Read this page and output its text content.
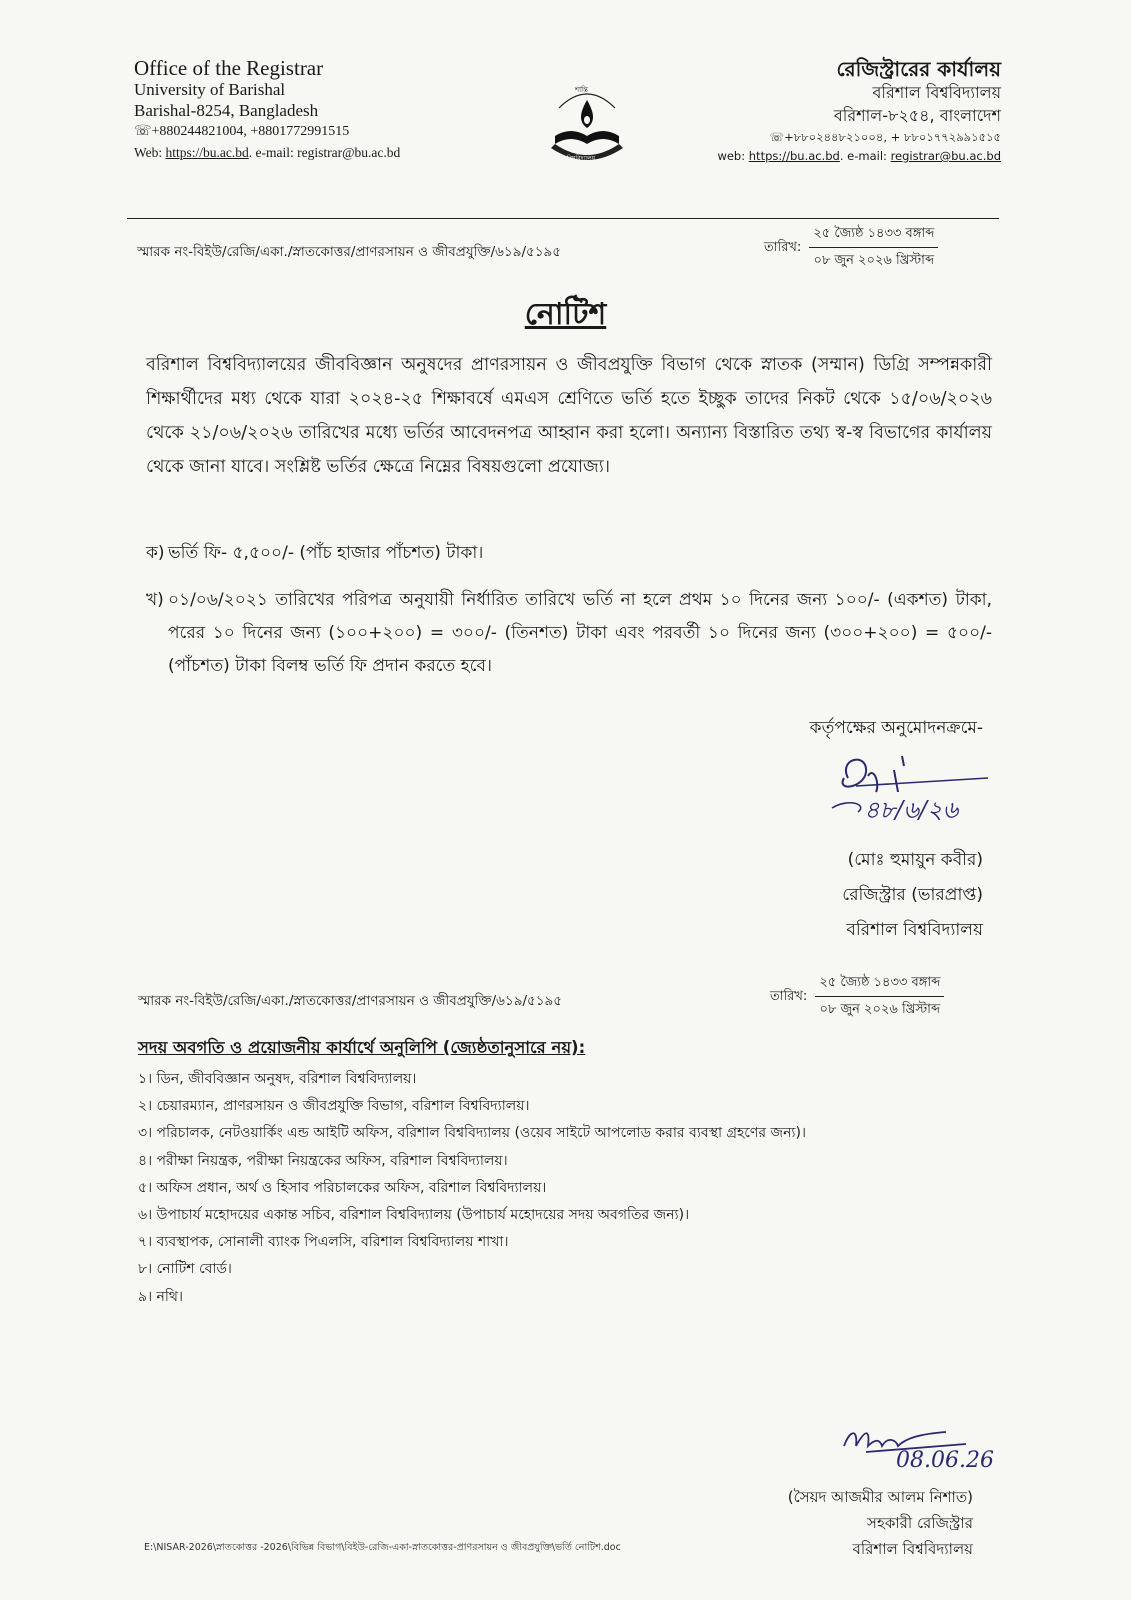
Office of the Registrar
University of Barishal
Barishal-8254, Bangladesh
☏+880244821004, +8801772991515
Web: https://bu.ac.bd. e-mail: registrar@bu.ac.bd
শান্তি
বিশ্ববিদ্যালয়
রেজিস্ট্রারের কার্যালয়
বরিশাল বিশ্ববিদ্যালয়
বরিশাল-৮২৫৪, বাংলাদেশ
☏+৮৮০২৪৪৮২১০০৪, + ৮৮০১৭৭২৯৯১৫১৫
web: https://bu.ac.bd. e-mail: registrar@bu.ac.bd
স্মারক নং-বিইউ/রেজি/একা./স্নাতকোত্তর/প্রাণরসায়ন ও জীবপ্রযুক্তি/৬১৯/৫১৯৫	তারিখ: $\frac{\text{২৫ জ্যৈষ্ঠ ১৪৩৩ বঙ্গাব্দ}}{\text{০৮ জুন ২০২৬ খ্রিস্টাব্দ}}$
নোটিশ
বরিশাল বিশ্ববিদ্যালয়ের জীববিজ্ঞান অনুষদের প্রাণরসায়ন ও জীবপ্রযুক্তি বিভাগ থেকে স্নাতক (সম্মান) ডিগ্রি সম্পন্নকারী শিক্ষার্থীদের মধ্য থেকে যারা ২০২৪-২৫ শিক্ষাবর্ষে এমএস শ্রেণিতে ভর্তি হতে ইচ্ছুক তাদের নিকট থেকে ১৫/০৬/২০২৬ থেকে ২১/০৬/২০২৬ তারিখের মধ্যে ভর্তির আবেদনপত্র আহ্বান করা হলো। অন্যান্য বিস্তারিত তথ্য স্ব-স্ব বিভাগের কার্যালয় থেকে জানা যাবে। সংশ্লিষ্ট ভর্তির ক্ষেত্রে নিম্নের বিষয়গুলো প্রযোজ্য।
ক) ভর্তি ফি- ৫,৫০০/- (পাঁচ হাজার পাঁচশত) টাকা।
খ) ০১/০৬/২০২১ তারিখের পরিপত্র অনুযায়ী নির্ধারিত তারিখে ভর্তি না হলে প্রথম ১০ দিনের জন্য ১০০/- (একশত) টাকা, পরের ১০ দিনের জন্য (১০০+২০০) = ৩০০/- (তিনশত) টাকা এবং পরবর্তী ১০ দিনের জন্য (৩০০+২০০) = ৫০০/- (পাঁচশত) টাকা বিলম্ব ভর্তি ফি প্রদান করতে হবে।
কর্তৃপক্ষের অনুমোদনক্রমে-
৪৮/৬/২৬
(মোঃ হুমায়ুন কবীর)
রেজিস্ট্রার (ভারপ্রাপ্ত)
বরিশাল বিশ্ববিদ্যালয়
স্মারক নং-বিইউ/রেজি/একা./স্নাতকোত্তর/প্রাণরসায়ন ও জীবপ্রযুক্তি/৬১৯/৫১৯৫	তারিখ: $\frac{\text{২৫ জ্যৈষ্ঠ ১৪৩৩ বঙ্গাব্দ}}{\text{০৮ জুন ২০২৬ খ্রিস্টাব্দ}}$
সদয় অবগতি ও প্রয়োজনীয় কার্যার্থে অনুলিপি (জ্যেষ্ঠতানুসারে নয়):
১। ডিন, জীববিজ্ঞান অনুষদ, বরিশাল বিশ্ববিদ্যালয়।
২। চেয়ারম্যান, প্রাণরসায়ন ও জীবপ্রযুক্তি বিভাগ, বরিশাল বিশ্ববিদ্যালয়।
৩। পরিচালক, নেটওয়ার্কিং এন্ড আইটি অফিস, বরিশাল বিশ্ববিদ্যালয় (ওয়েব সাইটে আপলোড করার ব্যবস্থা গ্রহণের জন্য)।
৪। পরীক্ষা নিয়ন্ত্রক, পরীক্ষা নিয়ন্ত্রকের অফিস, বরিশাল বিশ্ববিদ্যালয়।
৫। অফিস প্রধান, অর্থ ও হিসাব পরিচালকের অফিস, বরিশাল বিশ্ববিদ্যালয়।
৬। উপাচার্য মহোদয়ের একান্ত সচিব, বরিশাল বিশ্ববিদ্যালয় (উপাচার্য মহোদয়ের সদয় অবগতির জন্য)।
৭। ব্যবস্থাপক, সোনালী ব্যাংক পিএলসি, বরিশাল বিশ্ববিদ্যালয় শাখা।
৮। নোটিশ বোর্ড।
৯। নথি।
08.06.26
(সৈয়দ আজমীর আলম নিশাত)
সহকারী রেজিস্ট্রার
বরিশাল বিশ্ববিদ্যালয়
E:\NISAR-2026\স্নাতকোত্তর -2026\বিভিন্ন বিভাগ\বিইউ-রেজি-একা-স্নাতকোত্তর-প্রাণরসায়ন ও জীবপ্রযুক্তি\ভর্তি নোটিশ.doc
